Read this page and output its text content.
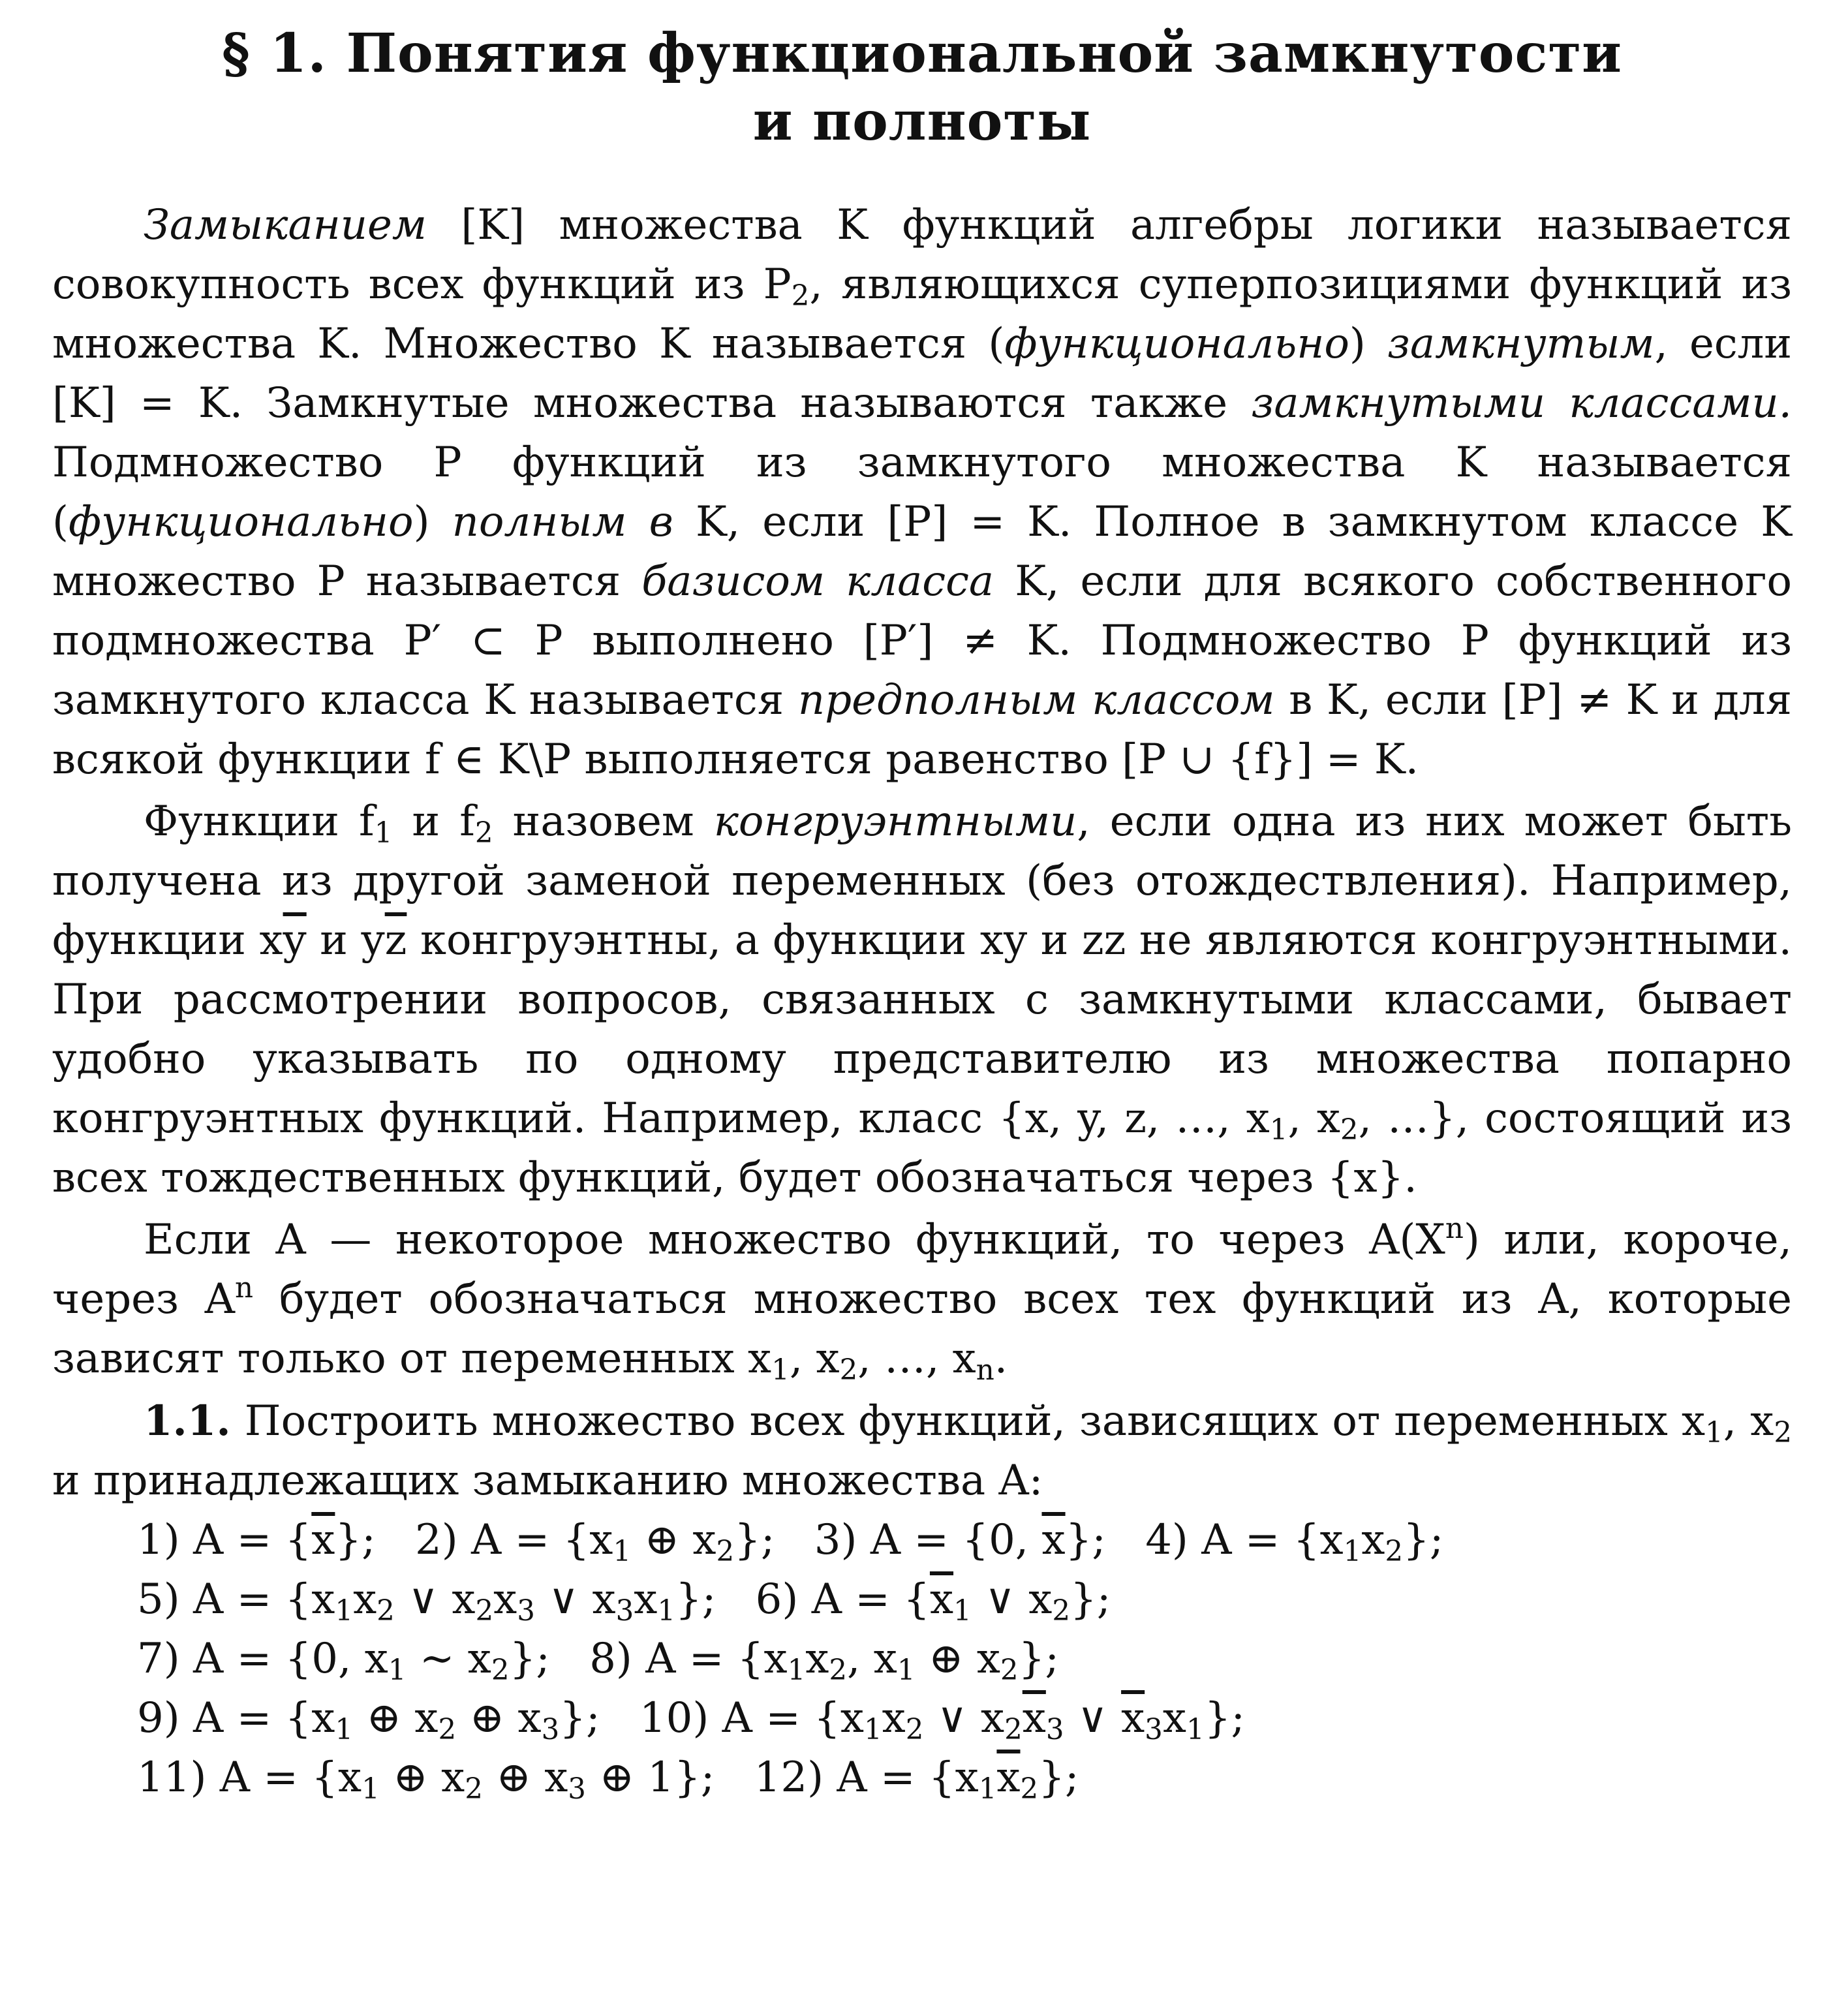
§ 1. Понятия функциональной замкнутости
и полноты

Замыканием [K] множества K функций алгебры логики называется совокупность всех функций из $P_2$, являющихся суперпозициями функций из множества K. Множество K называется (функционально) замкнутым, если [K] = K. Замкнутые множества называются также замкнутыми классами. Подмножество P функций из замкнутого множества K называется (функционально) полным в K, если [P] = K. Полное в замкнутом классе K множество P называется базисом класса K, если для всякого собственного подмножества P′ ⊂ P выполнено [P′] ≠ K. Подмножество P функций из замкнутого класса K называется предполным классом в K, если [P] ≠ K и для всякой функции f ∈ K\P выполняется равенство [P ∪ {f}] = K.

Функции $f_1$ и $f_2$ назовем конгруэнтными, если одна из них может быть получена из другой заменой переменных (без отождествления). Например, функции $x\overline{y}$ и $y\overline{z}$ конгруэнтны, а функции xy и zz не являются конгруэнтными. При рассмотрении вопросов, связанных с замкнутыми классами, бывает удобно указывать по одному представителю из множества попарно конгруэнтных функций. Например, класс {x, y, z, …, $x_1$, $x_2$, …}, состоящий из всех тождественных функций, будет обозначаться через {x}.

Если A — некоторое множество функций, то через $A(X^n)$ или, короче, через $A^n$ будет обозначаться множество всех тех функций из A, которые зависят только от переменных $x_1$, $x_2$, …, $x_n$.

1.1. Построить множество всех функций, зависящих от переменных $x_1$, $x_2$ и принадлежащих замыканию множества A:

1) $A = \{\overline{x}\}$; 2) $A = \{x_1$ ⊕ $x_2$}; 3) A = {0, $\overline{x}$}; 4) $A = \{x_1x_2\}$;
5) $A = \{x_1x_2$ ∨ $x_2x_3$ ∨ $x_3x_1$}; 6) $A = \{\overline{x}_1$ ∨ $x_2$};
7) A = {0, $x_1$ ∼ $x_2$}; 8) $A = \{x_1x_2$, $x_1$ ⊕ $x_2$};
9) $A = \{x_1$ ⊕ $x_2$ ⊕ $x_3$}; 10) $A = \{x_1x_2$ ∨ $x_2\overline{x}_3$ ∨ $\overline{x}_3x_1$};
11) $A = \{x_1$ ⊕ $x_2$ ⊕ $x_3$ ⊕ 1}; 12) $A = \{x_1\overline{x}_2\}$;
